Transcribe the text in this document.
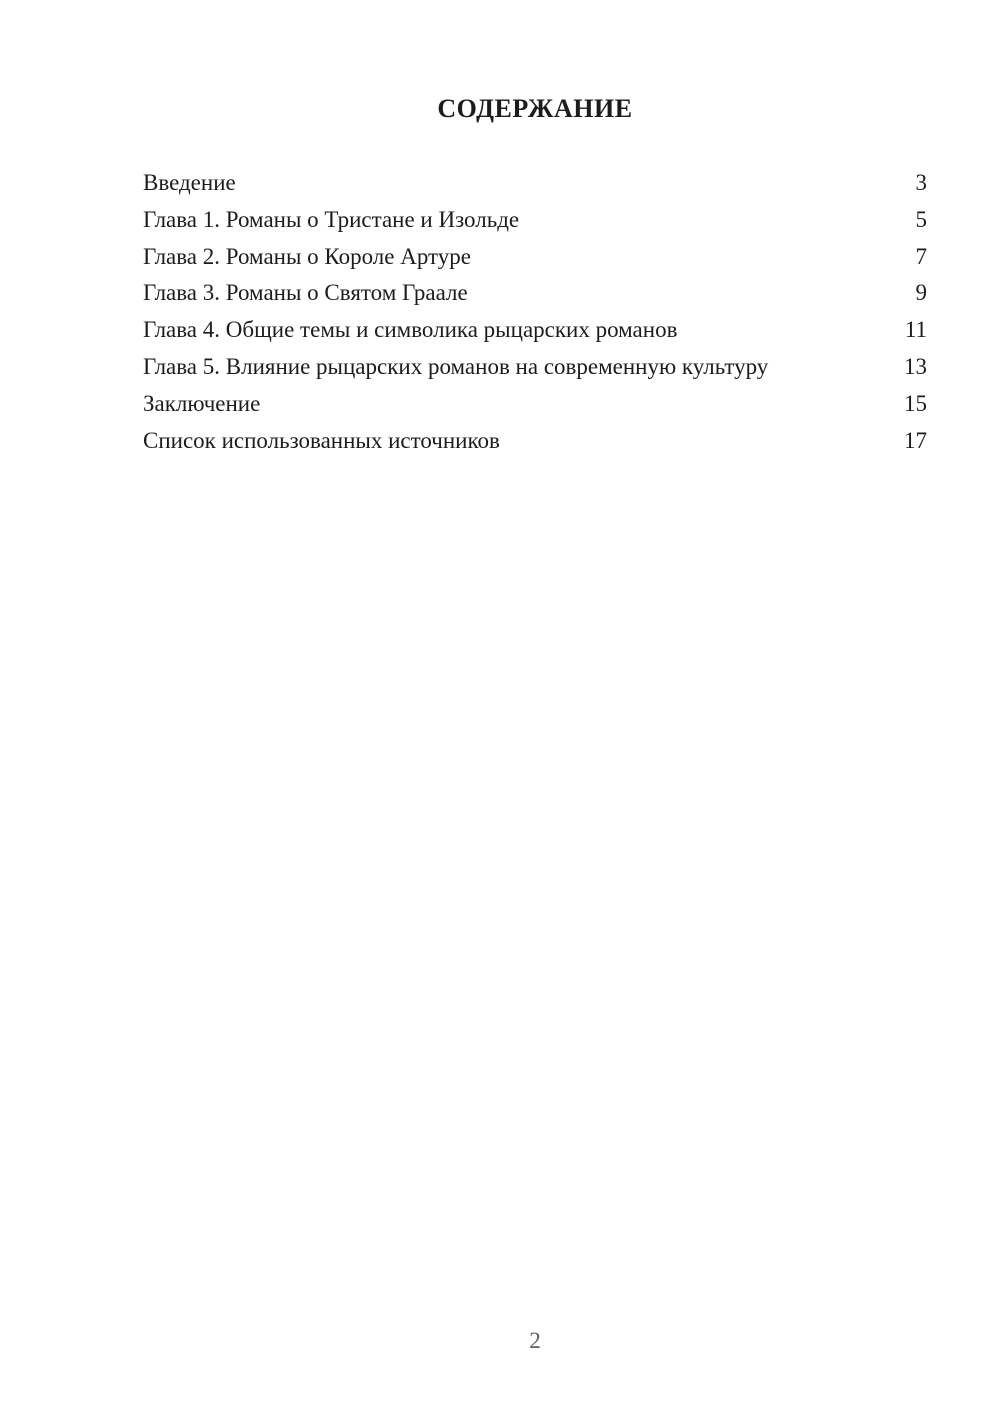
СОДЕРЖАНИЕ
Введение	3
Глава 1. Романы о Тристане и Изольде	5
Глава 2. Романы о Короле Артуре	7
Глава 3. Романы о Святом Граале	9
Глава 4. Общие темы и символика рыцарских романов	11
Глава 5. Влияние рыцарских романов на современную культуру	13
Заключение	15
Список использованных источников	17
2
